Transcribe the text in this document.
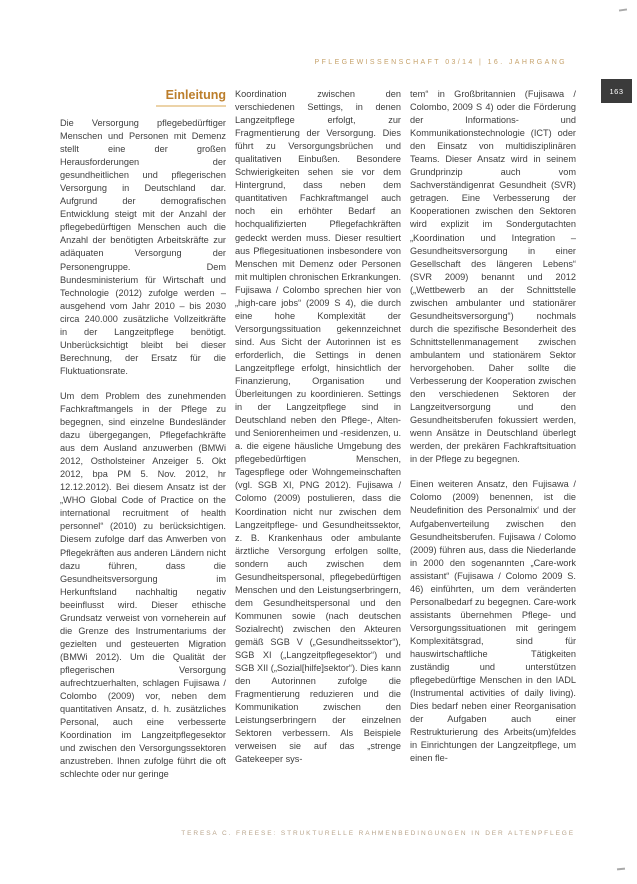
PFLEGEWISSENSCHAFT 03/14 | 16. JAHRGANG
163
Einleitung

Die Versorgung pflegebedürftiger Menschen und Personen mit Demenz stellt eine der großen Herausforderungen der gesundheitlichen und pflegerischen Versorgung in Deutschland dar. Aufgrund der demografischen Entwicklung steigt mit der Anzahl der pflegebedürftigen Menschen auch die Anzahl der benötigten Arbeitskräfte zur adäquaten Versorgung der Personengruppe. Dem Bundesministerium für Wirtschaft und Technologie (2012) zufolge werden – ausgehend vom Jahr 2010 – bis 2030 circa 240.000 zusätzliche Vollzeitkräfte in der Langzeitpflege benötigt. Unberücksichtigt bleibt bei dieser Berechnung, der Ersatz für die Fluktuationsrate.

Um dem Problem des zunehmenden Fachkraftmangels in der Pflege zu begegnen, sind einzelne Bundesländer dazu übergegangen, Pflegefachkräfte aus dem Ausland anzuwerben (BMWi 2012, Ostholsteiner Anzeiger 5. Okt 2012, bpa PM 5. Nov. 2012, hr 12.12.2012). Bei diesem Ansatz ist der „WHO Global Code of Practice on the international recruitment of health personnel“ (2010) zu berücksichtigen. Diesem zufolge darf das Anwerben von Pflegekräften aus anderen Ländern nicht dazu führen, dass die Gesundheitsversorgung im Herkunftsland nachhaltig negativ beeinflusst wird. Dieser ethische Grundsatz verweist von vorneherein auf die Grenze des Instrumentariums der gezielten und gesteuerten Migration (BMWi 2012). Um die Qualität der pflegerischen Versorgung aufrechtzuerhalten, schlagen Fujisawa / Colombo (2009) vor, neben dem quantitativen Ansatz, d. h. zusätzliches Personal, auch eine verbesserte Koordination im Langzeitpflegesektor und zwischen den Versorgungssektoren anzustreben. Ihnen zufolge führt die oft schlechte oder nur geringe

Koordination zwischen den verschiedenen Settings, in denen Langzeitpflege erfolgt, zur Fragmentierung der Versorgung. Dies führt zu Versorgungsbrüchen und qualitativen Einbußen. Besondere Schwierigkeiten sehen sie vor dem Hintergrund, dass neben dem quantitativen Fachkraftmangel auch noch ein erhöhter Bedarf an hochqualifizierten Pflegefachkräften gedeckt werden muss. Dieser resultiert aus Pflegesituationen insbesondere von Menschen mit Demenz oder Personen mit multiplen chronischen Erkrankungen. Fujisawa / Colombo sprechen hier von „high-care jobs“ (2009 S 4), die durch eine hohe Komplexität der Versorgungssituation gekennzeichnet sind. Aus Sicht der Autorinnen ist es erforderlich, die Settings in denen Langzeitpflege erfolgt, hinsichtlich der Finanzierung, Organisation und Überleitungen zu koordinieren. Settings in der Langzeitpflege sind in Deutschland neben den Pflege-, Alten- und Seniorenheimen und -residenzen, u. a. die eigene häusliche Umgebung des pflegebedürftigen Menschen, Tagespflege oder Wohngemeinschaften (vgl. SGB XI, PNG 2012). Fujisawa / Colomo (2009) postulieren, dass die Koordination nicht nur zwischen dem Langzeitpflege- und Gesundheitssektor, z. B. Krankenhaus oder ambulante ärztliche Versorgung erfolgen sollte, sondern auch zwischen dem Gesundheitspersonal, pflegebedürftigen Menschen und den Leistungserbringern, dem Gesundheitspersonal und den Kommunen sowie (nach deutschen Sozialrecht) zwischen den Akteuren gemäß SGB V („Gesundheitssektor“), SGB XI („Langzeitpflegesektor“) und SGB XII („Sozial[hilfe]sektor“). Dies kann den Autorinnen zufolge die Fragmentierung reduzieren und die Kommunikation zwischen den Leistungserbringern der einzelnen Sektoren verbessern. Als Beispiele verweisen sie auf das „strenge Gatekeeper sys-

tem“ in Großbritannien (Fujisawa / Colombo, 2009 S 4) oder die Förderung der Informations- und Kommunikationstechnologie (ICT) oder den Einsatz von multidisziplinären Teams. Dieser Ansatz wird in seinem Grundprinzip auch vom Sachverständigenrat Gesundheit (SVR) getragen. Eine Verbesserung der Kooperationen zwischen den Sektoren wird explizit im Sondergutachten „Koordination und Integration – Gesundheitsversorgung in einer Gesellschaft des längeren Lebens“ (SVR 2009) benannt und 2012 („Wettbewerb an der Schnittstelle zwischen ambulanter und stationärer Gesundheitsversorgung“) nochmals durch die spezifische Besonderheit des Schnittstellenmanagement zwischen ambulantem und stationärem Sektor hervorgehoben. Daher sollte die Verbesserung der Kooperation zwischen den verschiedenen Sektoren der Langzeitversorgung und den Gesundheitsberufen fokussiert werden, wenn Ansätze in Deutschland überlegt werden, der prekären Fachkraftsituation in der Pflege zu begegnen.

Einen weiteren Ansatz, den Fujisawa / Colomo (2009) benennen, ist die Neudefinition des Personalmix‘ und der Aufgabenverteilung zwischen den Gesundheitsberufen. Fujisawa / Colomo (2009) führen aus, dass die Niederlande in 2000 den sogenannten „Care-work assistant“ (Fujisawa / Colomo 2009 S. 46) einführten, um dem veränderten Personalbedarf zu begegnen. Care-work assistants übernehmen Pflege- und Versorgungssituationen mit geringem Komplexitätsgrad, sind für hauswirtschaftliche Tätigkeiten zuständig und unterstützen pflegebedürftige Menschen in den IADL (Instrumental activities of daily living). Dies bedarf neben einer Reorganisation der Aufgaben auch einer Restrukturierung des Arbeits(um)feldes in Einrichtungen der Langzeitpflege, um einen fle-

TERESA C. FREESE: STRUKTURELLE RAHMENBEDINGUNGEN IN DER ALTENPFLEGE
